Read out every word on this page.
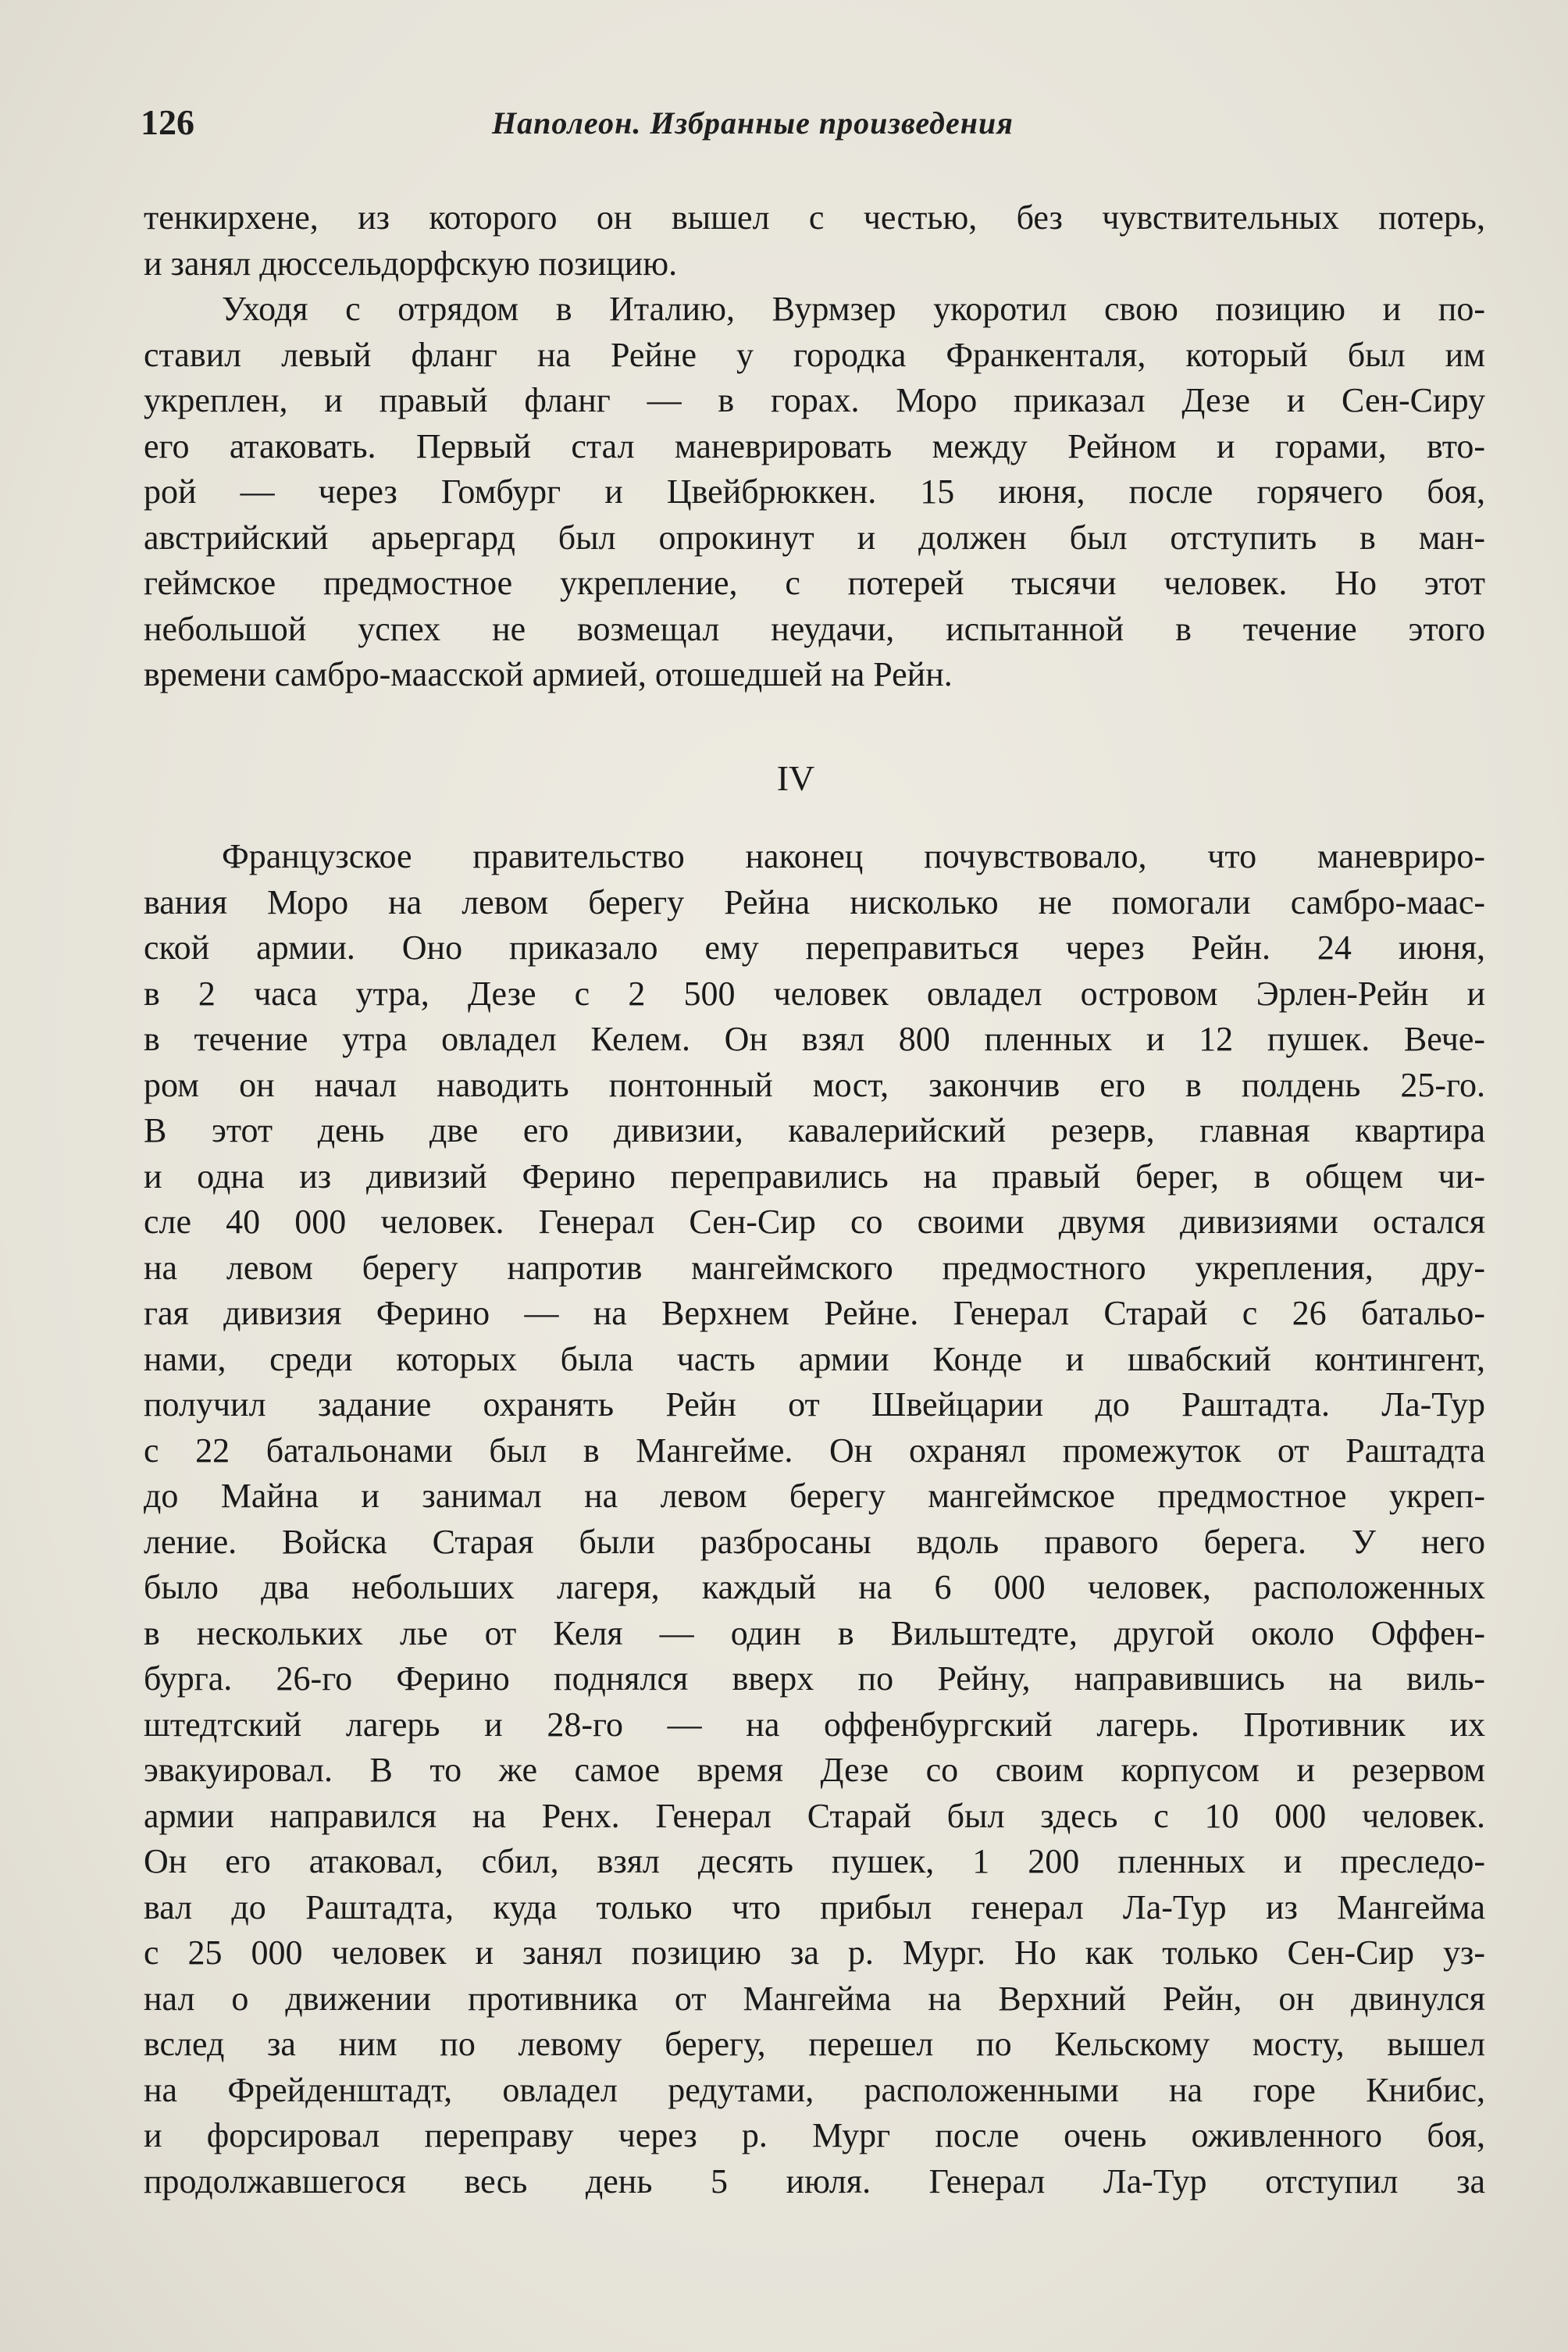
126	Наполеон. Избранные произведения
тенкирхене, из которого он вышел с честью, без чувствительных потерь,
и занял дюссельдорфскую позицию.
Уходя с отрядом в Италию, Вурмзер укоротил свою позицию и по-
ставил левый фланг на Рейне у городка Франкенталя, который был им
укреплен, и правый фланг — в горах. Моро приказал Дезе и Сен-Сиру
его атаковать. Первый стал маневрировать между Рейном и горами, вто-
рой — через Гомбург и Цвейбрюккен. 15 июня, после горячего боя,
австрийский арьергард был опрокинут и должен был отступить в ман-
геймское предмостное укрепление, с потерей тысячи человек. Но этот
небольшой успех не возмещал неудачи, испытанной в течение этого
времени самбро-маасской армией, отошедшей на Рейн.
IV
Французское правительство наконец почувствовало, что маневриро-
вания Моро на левом берегу Рейна нисколько не помогали самбро-маас-
ской армии. Оно приказало ему переправиться через Рейн. 24 июня,
в 2 часа утра, Дезе с 2 500 человек овладел островом Эрлен-Рейн и
в течение утра овладел Келем. Он взял 800 пленных и 12 пушек. Вече-
ром он начал наводить понтонный мост, закончив его в полдень 25-го.
В этот день две его дивизии, кавалерийский резерв, главная квартира
и одна из дивизий Ферино переправились на правый берег, в общем чи-
сле 40 000 человек. Генерал Сен-Сир со своими двумя дивизиями остался
на левом берегу напротив мангеймского предмостного укрепления, дру-
гая дивизия Ферино — на Верхнем Рейне. Генерал Старай с 26 батальо-
нами, среди которых была часть армии Конде и швабский контингент,
получил задание охранять Рейн от Швейцарии до Раштадта. Ла-Тур
с 22 батальонами был в Мангейме. Он охранял промежуток от Раштадта
до Майна и занимал на левом берегу мангеймское предмостное укреп-
ление. Войска Старая были разбросаны вдоль правого берега. У него
было два небольших лагеря, каждый на 6 000 человек, расположенных
в нескольких лье от Келя — один в Вильштедте, другой около Оффен-
бурга. 26-го Ферино поднялся вверх по Рейну, направившись на виль-
штедтский лагерь и 28-го — на оффенбургский лагерь. Противник их
эвакуировал. В то же самое время Дезе со своим корпусом и резервом
армии направился на Ренх. Генерал Старай был здесь с 10 000 человек.
Он его атаковал, сбил, взял десять пушек, 1 200 пленных и преследо-
вал до Раштадта, куда только что прибыл генерал Ла-Тур из Мангейма
с 25 000 человек и занял позицию за р. Мург. Но как только Сен-Сир уз-
нал о движении противника от Мангейма на Верхний Рейн, он двинулся
вслед за ним по левому берегу, перешел по Кельскому мосту, вышел
на Фрейденштадт, овладел редутами, расположенными на горе Книбис,
и форсировал переправу через р. Мург после очень оживленного боя,
продолжавшегося весь день 5 июля. Генерал Ла-Тур отступил за
